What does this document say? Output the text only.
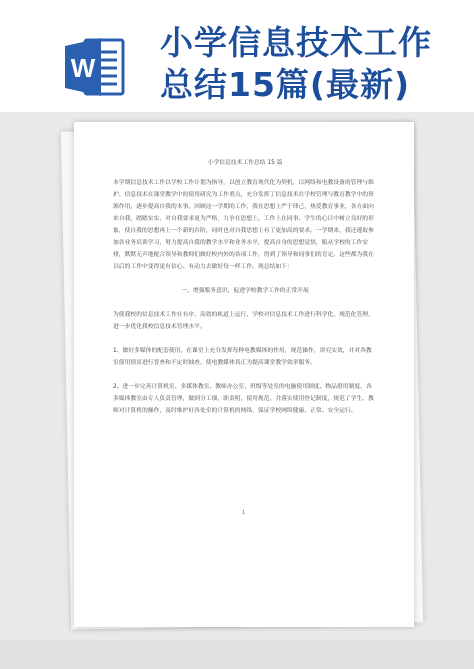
W
小学信息技术工作
总结15篇(最新)

小学信息技术工作总结 15 篇

本学期信息技术工作以学校工作计划为指导，以创立教育现代化为契机，以网络和电教设备的管理与维护、信息技术在课堂教学中的使用研究为工作重点，充分发挥了信息技术在学校管理与教育教学中的资源作用，逐步提高自我的本事。回顾这一学期的工作，我在思想上严于律己，热爱教育事业，各方面向来自我，踏踏实实，对自我要求更为严格，力争在思想上，工作上在同事、学生的心目中树立良好的形象，使自我的思想再上一个新的台阶，同时也对自我思想上有了更加高的要求。一学期来，我还遵取参加各业务培训学习，努力提高自我的教学水平和业务水平，提高自身的思想觉悟，服从学校的工作安排，默默无声地配合领导和教师们做好校内外的各项工作，得到了领导和同事们的肯定。这些都为我在以后的工作中变得更有信心、有动力去做好每一样工作。现总结如下：

一、增强服务意识，促进学校教学工作的正常开展

为使我校的信息技术工作在有序、高效的轨道上运行，学校对信息技术工作进行科学化、规范化管理，进一步优化我校信息技术管理水平。

1、做好多媒体的配套使用，在课堂上充分发挥每种电教媒体的作用，规范操作，讲究实效，并对各教室使用情景进行普查和不定时抽查，使电教媒体真正为提高课堂教学效率服务。

2、进一步完善计算机室、多媒体教室、教师办公室、班级等处室的电脑使用制度、物品借用制度，各多媒体教室由专人负责管理，做到分工细，职责明，使用规范，并落实使用登记制度，规范了学生、教师对计算机的操作，及时维护好各处室的计算机的网络，保证学校网络健康、正常、安全运行。

1
